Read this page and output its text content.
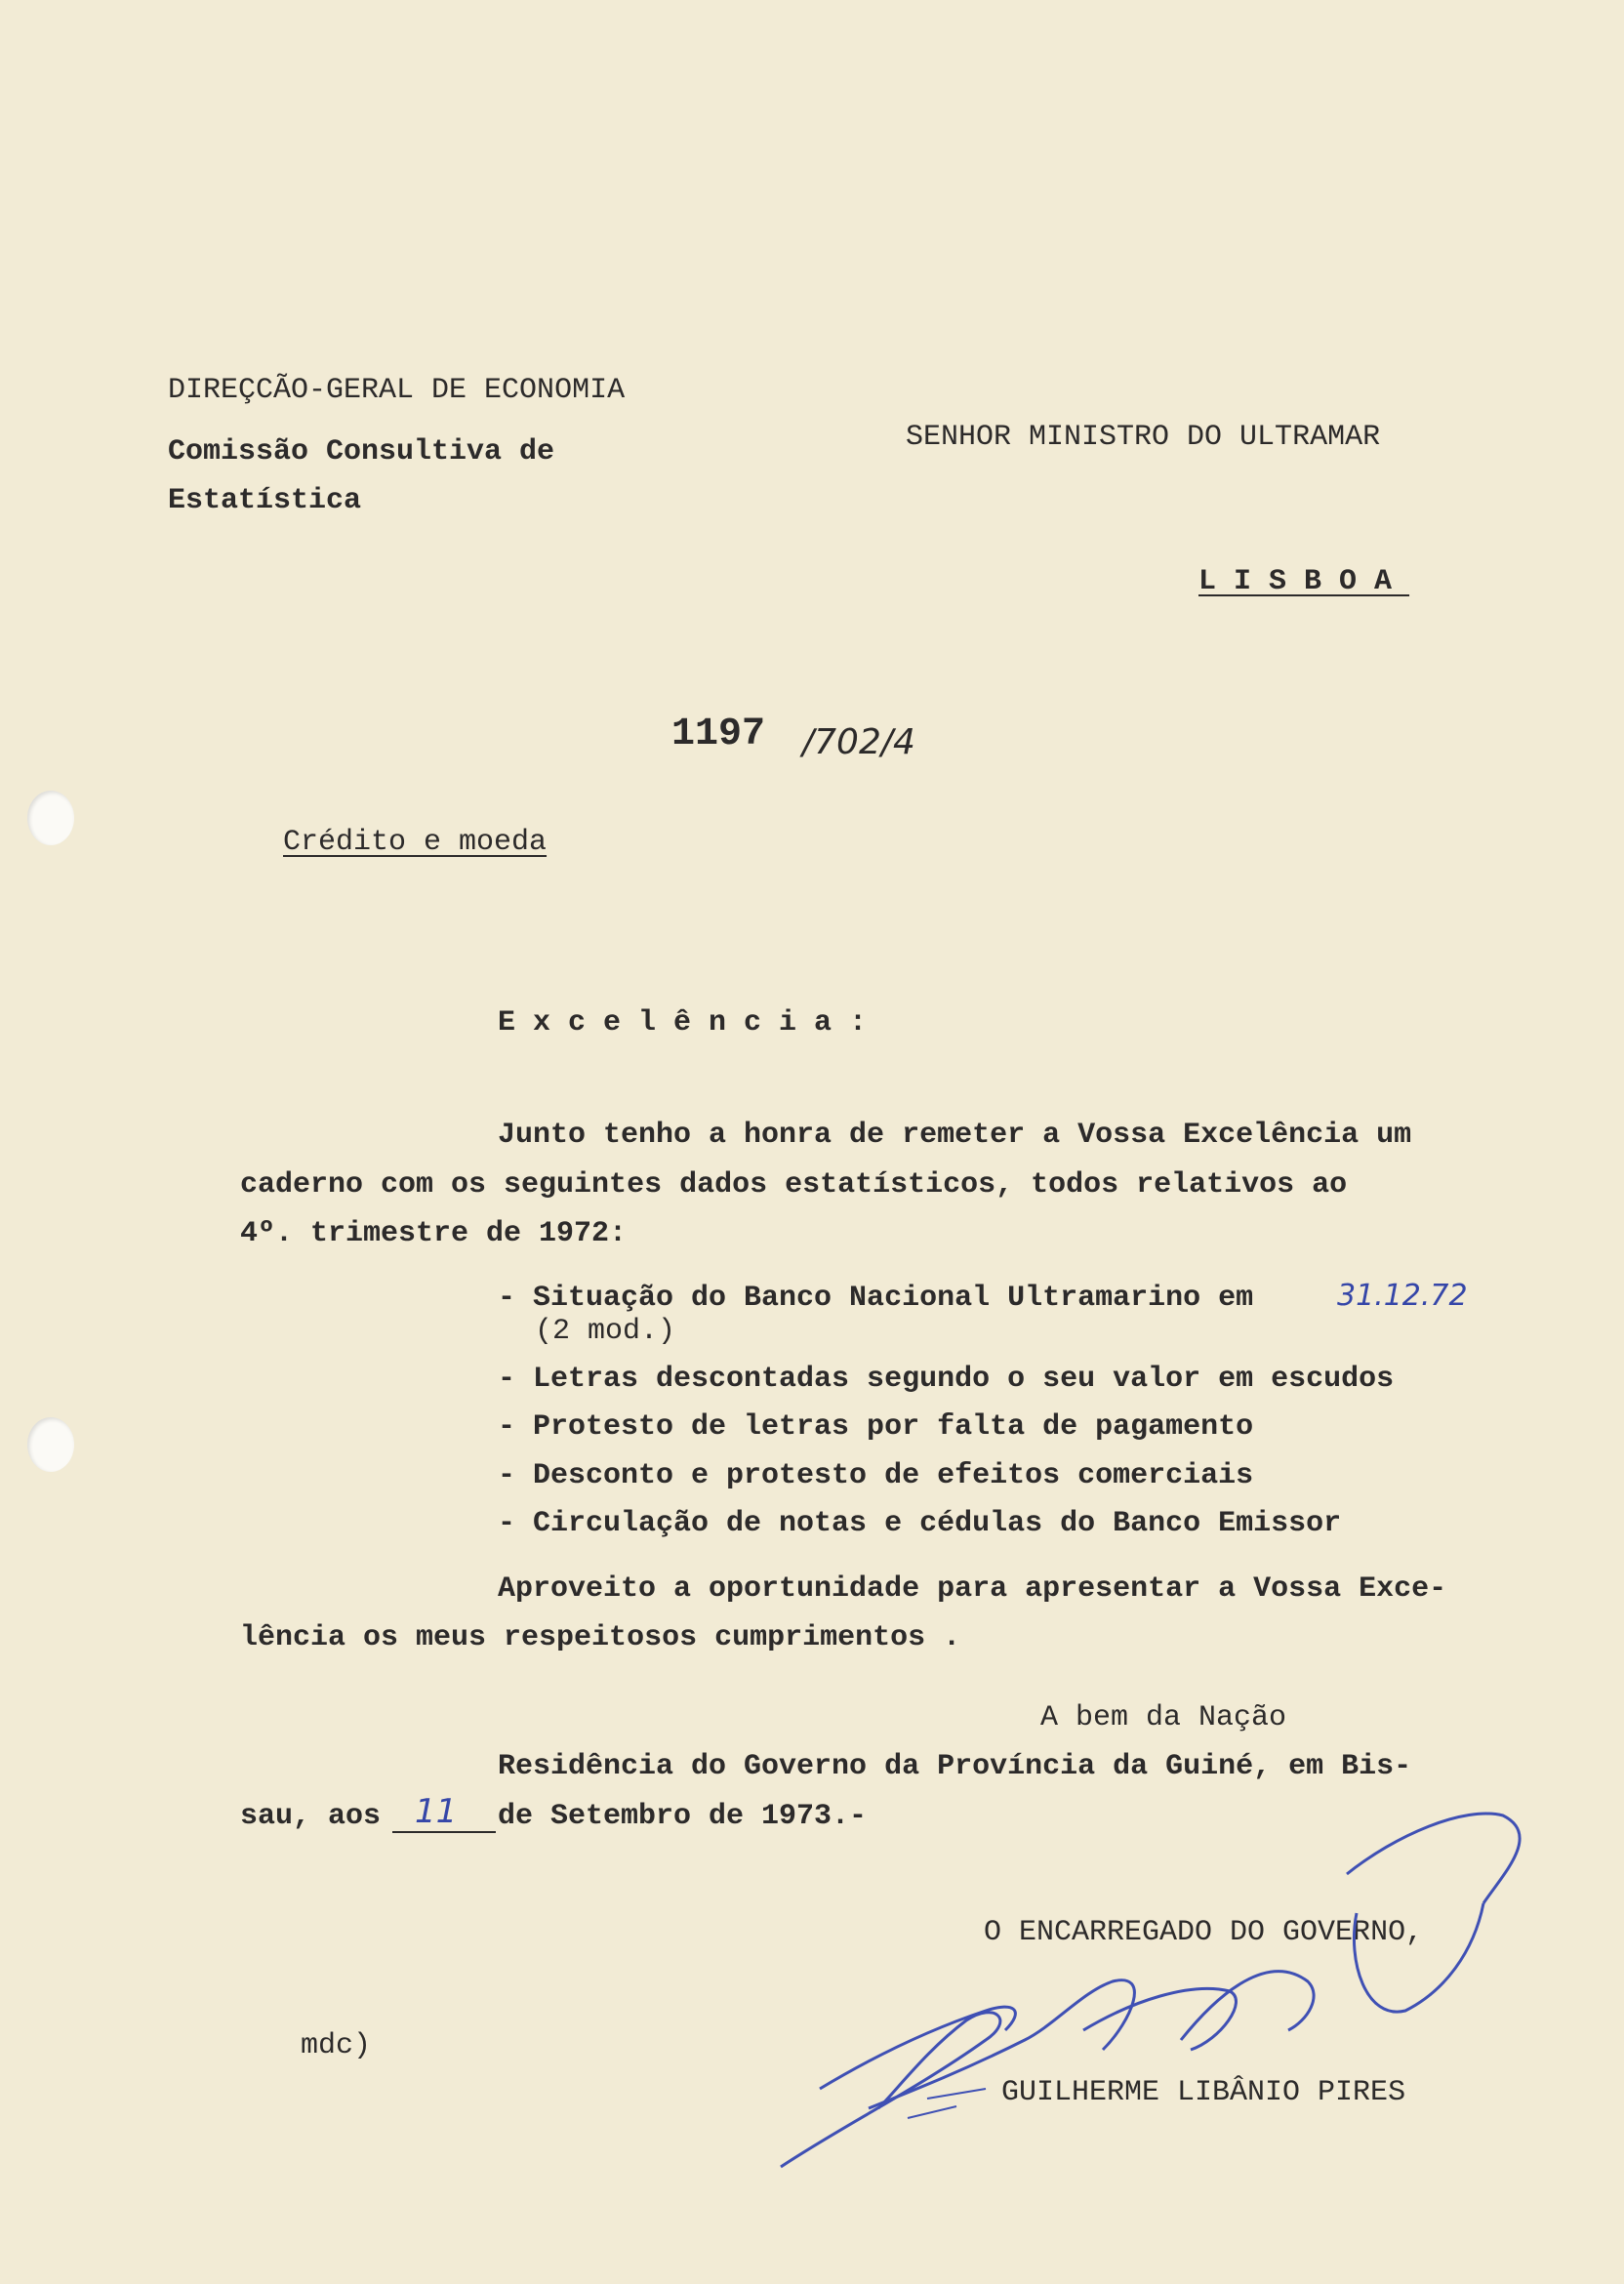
DIREÇCÃO-GERAL DE ECONOMIA
Comissão Consultiva de
Estatística
SENHOR MINISTRO DO ULTRAMAR
LISBOA
1197 /702/4
Crédito e moeda
Excelência:
Junto tenho a honra de remeter a Vossa Excelência um
caderno com os seguintes dados estatísticos, todos relativos ao
4º. trimestre de 1972:
- Situação do Banco Nacional Ultramarino em	31.12.72
(2 mod.)
- Letras descontadas segundo o seu valor em escudos
- Protesto de letras por falta de pagamento
- Desconto e protesto de efeitos comerciais
- Circulação de notas e cédulas do Banco Emissor
Aproveito a oportunidade para apresentar a Vossa Exce-
lência os meus respeitosos cumprimentos .
A bem da Nação
Residência do Governo da Província da Guiné, em Bis-
sau, aos 11 de Setembro de 1973.-
O ENCARREGADO DO GOVERNO,
mdc)
GUILHERME LIBÂNIO PIRES
